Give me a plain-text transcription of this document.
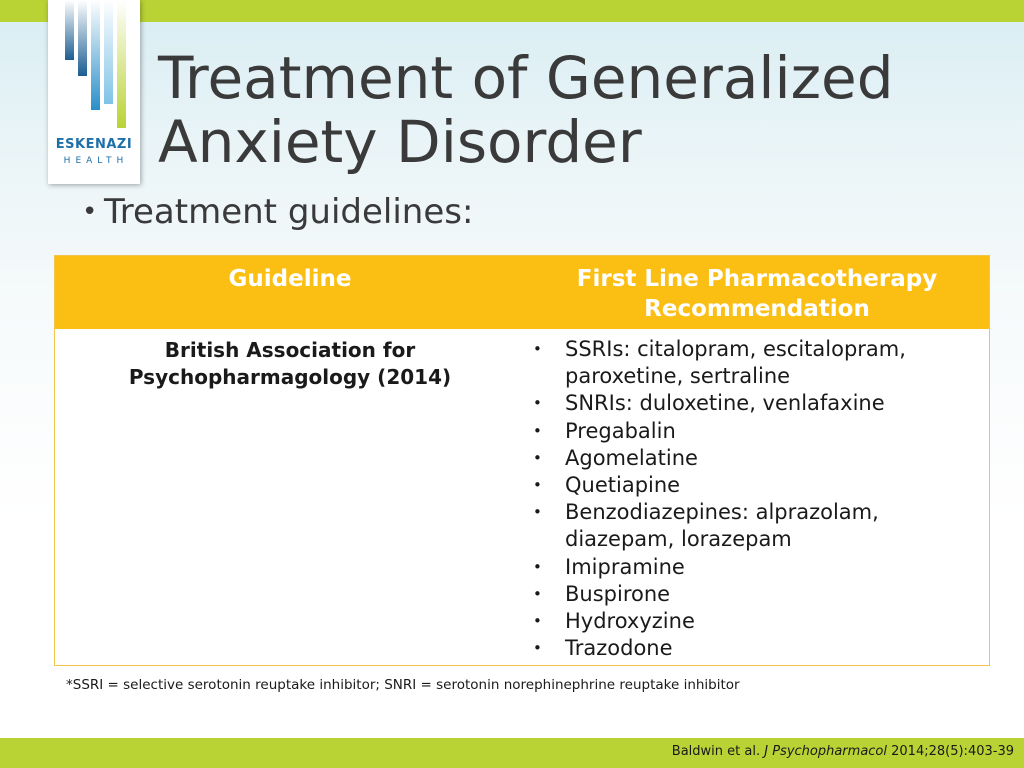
ESKENAZI
HEALTH
Treatment of Generalized
Anxiety Disorder
• Treatment guidelines:
Guideline	First Line Pharmacotherapy
Recommendation
British Association for
Psychopharmagology (2014)
• SSRIs: citalopram, escitalopram, paroxetine, sertraline
• SNRIs: duloxetine, venlafaxine
• Pregabalin
• Agomelatine
• Quetiapine
• Benzodiazepines: alprazolam, diazepam, lorazepam
• Imipramine
• Buspirone
• Hydroxyzine
• Trazodone
*SSRI = selective serotonin reuptake inhibitor; SNRI = serotonin norephinephrine reuptake inhibitor
Baldwin et al. J Psychopharmacol 2014;28(5):403-39
